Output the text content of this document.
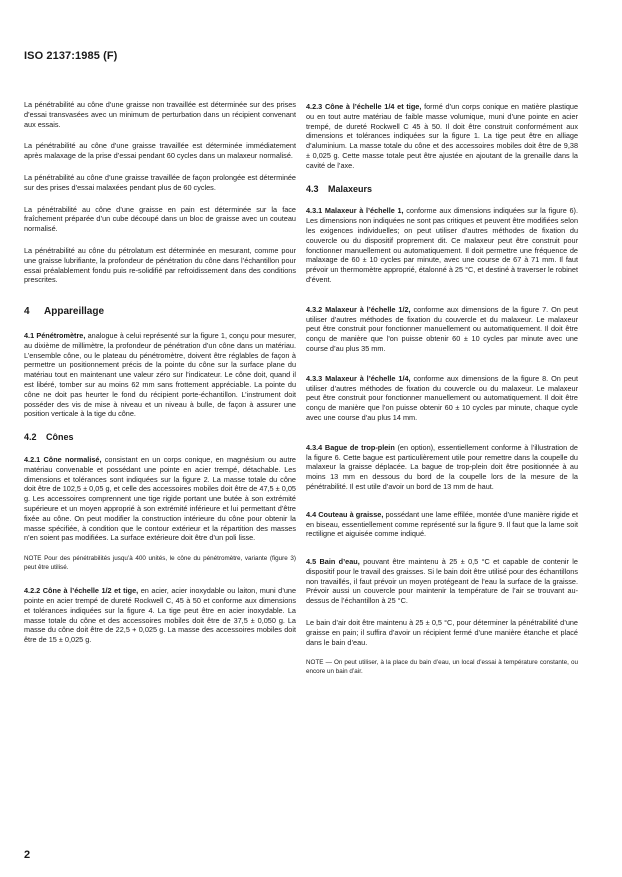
ISO 2137:1985 (F)

La pénétrabilité au cône d’une graisse non travaillée est déterminée sur des prises d’essai transvasées avec un minimum de perturbation dans un récipient convenant aux essais.

La pénétrabilité au cône d’une graisse travaillée est déterminée immédiatement après malaxage de la prise d’essai pendant 60 cycles dans un malaxeur normalisé.

La pénétrabilité au cône d’une graisse travaillée de façon prolongée est déterminée sur des prises d’essai malaxées pendant plus de 60 cycles.

La pénétrabilité au cône d’une graisse en pain est déterminée sur la face fraîchement préparée d’un cube découpé dans un bloc de graisse avec un couteau normalisé.

La pénétrabilité au cône du pétrolatum est déterminée en mesurant, comme pour une graisse lubrifiante, la profondeur de pénétration du cône dans l’échantillon pour essai préalablement fondu puis re-solidifié par refroidissement dans des conditions prescrites.

4 Appareillage

4.1 Pénétromètre, analogue à celui représenté sur la figure 1, conçu pour mesurer, au dixième de millimètre, la profondeur de pénétration d’un cône dans un matériau. L’ensemble cône, ou le plateau du pénétromètre, doivent être réglables de façon à permettre un positionnement précis de la pointe du cône sur la surface plane du matériau tout en maintenant une valeur zéro sur l’indicateur. Le cône doit, quand il est libéré, tomber sur au moins 62 mm sans frottement appréciable. La pointe du cône ne doit pas heurter le fond du récipient porte-échantillon. L’instrument doit posséder des vis de mise à niveau et un niveau à bulle, de façon à assurer une position verticale à la tige du cône.

4.2 Cônes

4.2.1 Cône normalisé, consistant en un corps conique, en magnésium ou autre matériau convenable et possédant une pointe en acier trempé, détachable. Les dimensions et tolérances sont indiquées sur la figure 2. La masse totale du cône doit être de 102,5 ± 0,05 g, et celle des accessoires mobiles doit être de 47,5 ± 0,05 g. Les accessoires comprennent une tige rigide portant une butée à son extrémité supérieure et un moyen approprié à son extrémité inférieure et lui permettant d’être fixée au cône. On peut modifier la construction intérieure du cône pour obtenir la masse spécifiée, à condition que le contour extérieur et la répartition des masses n’en soient pas modifiées. La surface extérieure doit être d’un poli lisse.

NOTE Pour des pénétrabilités jusqu’à 400 unités, le cône du pénétromètre, variante (figure 3) peut être utilisé.

4.2.2 Cône à l’échelle 1/2 et tige, en acier, acier inoxydable ou laiton, muni d’une pointe en acier trempé de dureté Rockwell C, 45 à 50 et conforme aux dimensions et tolérances indiquées sur la figure 4. La tige peut être en acier inoxydable. La masse totale du cône et des accessoires mobiles doit être de 37,5 ± 0,050 g. La masse du cône doit être de 22,5 + 0,025 g. La masse des accessoires mobiles doit être de 15 ± 0,025 g.

4.2.3 Cône à l’échelle 1/4 et tige, formé d’un corps conique en matière plastique ou en tout autre matériau de faible masse volumique, muni d’une pointe en acier trempé, de dureté Rockwell C 45 à 50. Il doit être construit conformément aux dimensions et tolérances indiquées sur la figure 1. La tige peut être en alliage d’aluminium. La masse totale du cône et des accessoires mobiles doit être de 9,38 ± 0,025 g. Cette masse totale peut être ajustée en ajoutant de la grenaille dans la cavité de l’axe.

4.3 Malaxeurs

4.3.1 Malaxeur à l’échelle 1, conforme aux dimensions indiquées sur la figure 6). Les dimensions non indiquées ne sont pas critiques et peuvent être modifiées selon les exigences individuelles; on peut utiliser d’autres méthodes de fixation du couvercle ou du dispositif proprement dit. Ce malaxeur peut être construit pour fonctionner manuellement ou automatiquement. Il doit permettre une fréquence de malaxage de 60 ± 10 cycles par minute, avec une course de 67 à 71 mm. Il faut prévoir un thermomètre approprié, étalonné à 25 °C, et destiné à traverser le robinet d’évent.

4.3.2 Malaxeur à l’échelle 1/2, conforme aux dimensions de la figure 7. On peut utiliser d’autres méthodes de fixation du couvercle et du malaxeur. Le malaxeur peut être construit pour fonctionner manuellement ou automatiquement. Il doit être conçu de manière que l’on puisse obtenir 60 ± 10 cycles par minute avec une course d’au plus 35 mm.

4.3.3 Malaxeur à l’échelle 1/4, conforme aux dimensions de la figure 8. On peut utiliser d’autres méthodes de fixation du couvercle ou du malaxeur. Le malaxeur peut être construit pour fonctionner manuellement ou automatiquement. Il doit être conçu de manière que l’on puisse obtenir 60 ± 10 cycles par minute, chaque cycle avec une course d’au plus 14 mm.

4.3.4 Bague de trop-plein (en option), essentiellement conforme à l’illustration de la figure 6. Cette bague est particulièrement utile pour remettre dans la coupelle du malaxeur la graisse déplacée. La bague de trop-plein doit être positionnée à au moins 13 mm en dessous du bord de la coupelle lors de la mesure de la pénétrabilité. Il est utile d’avoir un bord de 13 mm de haut.

4.4 Couteau à graisse, possédant une lame effilée, montée d’une manière rigide et en biseau, essentiellement comme représenté sur la figure 9. Il faut que la lame soit rectiligne et aiguisée comme indiqué.

4.5 Bain d’eau, pouvant être maintenu à 25 ± 0,5 °C et capable de contenir le dispositif pour le travail des graisses. Si le bain doit être utilisé pour des échantillons non travaillés, il faut prévoir un moyen protégeant de l’eau la surface de la graisse. Prévoir aussi un couvercle pour maintenir la température de l’air se trouvant au-dessus de l’échantillon à 25 °C.

Le bain d’air doit être maintenu à 25 ± 0,5 °C, pour déterminer la pénétrabilité d’une graisse en pain; il suffira d’avoir un récipient fermé d’une manière étanche et placé dans le bain d’eau.

NOTE — On peut utiliser, à la place du bain d’eau, un local d’essai à température constante, ou encore un bain d’air.

2
